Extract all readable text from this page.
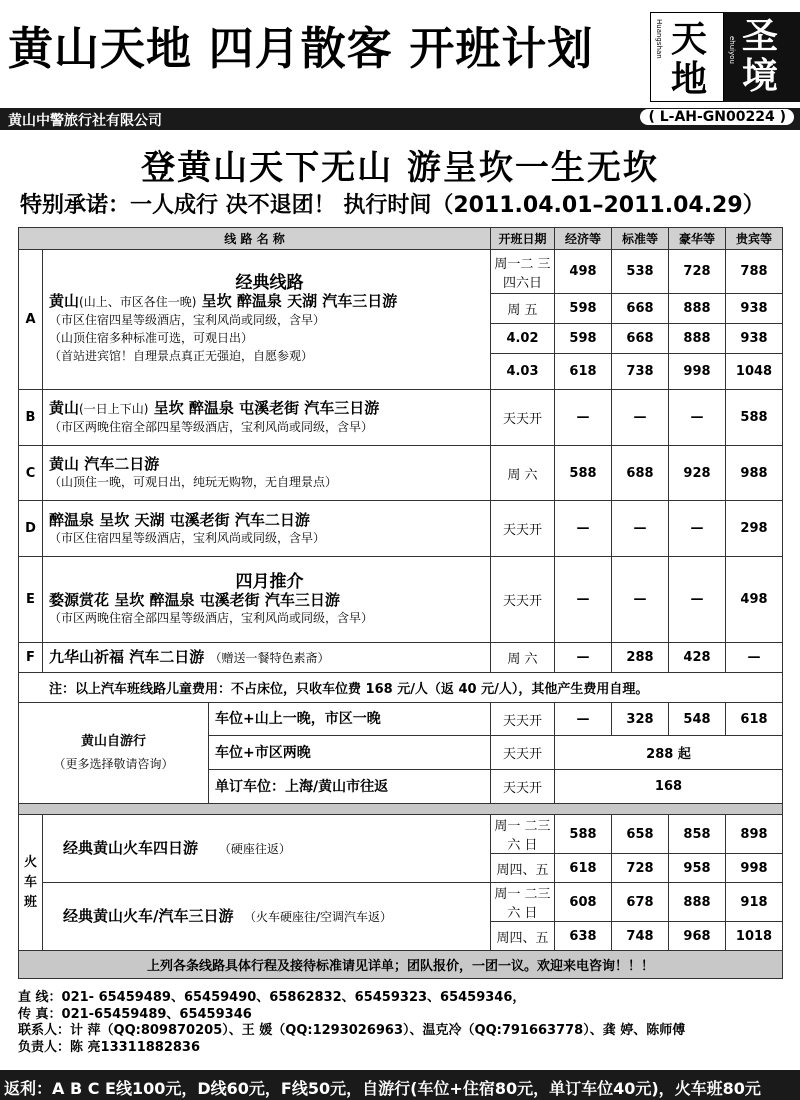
黄山天地 四月散客 开班计划	Huangshan 天地
ehuiyou 圣境
黄山中警旅行社有限公司	( L-AH-GN00224 )
登黄山天下无山 游呈坎一生无坎
特别承诺：一人成行 决不退团！ 执行时间（2011.04.01–2011.04.29）
线 路 名 称			开班日期	经济等	标准等	豪华等	贵宾等
A	经典线路
黄山(山上、市区各住一晚) 呈坎 醉温泉 天湖 汽车三日游
（市区住宿四星等级酒店，宝利风尚或同级，含早）
（山顶住宿多种标准可选，可观日出）
（首站进宾馆！自理景点真正无强迫，自愿参观）		周一二 三四六日	498	538	728	788
			周 五	598	668	888	938
			4.02	598	668	888	938
			4.03	618	738	998	1048
B	黄山(一日上下山) 呈坎 醉温泉 屯溪老街 汽车三日游
（市区两晚住宿全部四星等级酒店，宝利风尚或同级，含早）		天天开	—	—	—	588
C	黄山 汽车二日游
（山顶住一晚，可观日出，纯玩无购物，无自理景点）		周 六	588	688	928	988
D	醉温泉 呈坎 天湖 屯溪老街 汽车二日游
（市区住宿四星等级酒店，宝利风尚或同级，含早）		天天开	—	—	—	298
E	四月推介
婺源赏花 呈坎 醉温泉 屯溪老街 汽车三日游
（市区两晚住宿全部四星等级酒店，宝利风尚或同级，含早）		天天开	—	—	—	498
F	九华山祈福 汽车二日游 （赠送一餐特色素斋）		周 六	—	288	428	—
注：以上汽车班线路儿童费用：不占床位，只收车位费 168 元/人（返 40 元/人），其他产生费用自理。							
黄山自游行
（更多选择敬请咨询）		车位+山上一晚，市区一晚	天天开	—	328	548	618
		车位+市区两晚	天天开	288 起			
		单订车位：上海/黄山市往返	天天开	168			

火车班	经典黄山火车四日游 （硬座往返）		周一 二三 六 日	588	658	858	898
			周四、五	618	728	958	998

	经典黄山火车/汽车三日游 （火车硬座往/空调汽车返）		周一 二三 六 日	608	678	888	918
			周四、五	638	748	968	1018
上列各条线路具体行程及接待标准请见详单；团队报价，一团一议。欢迎来电咨询！！！							
直 线：021- 65459489、65459490、65862832、65459323、65459346，
传 真：021-65459489、65459346
联系人：计 萍（QQ:809870205）、王 媛（QQ:1293026963）、温克冷（QQ:791663778）、龚 婷、陈师傅
负责人：陈 亮13311882836
返利：A B C E线100元，D线60元，F线50元，自游行(车位+住宿80元，单订车位40元)，火车班80元
